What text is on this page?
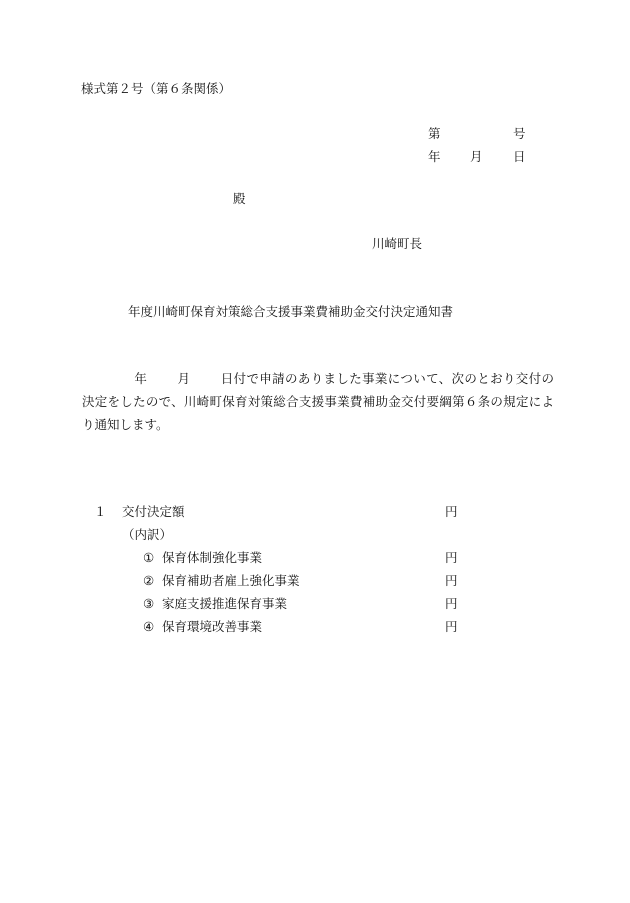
様式第２号（第６条関係）
第	号
年 月 日
殿
川崎町長
年度川崎町保育対策総合支援事業費補助金交付決定通知書
年 月 日付で申請のありました事業について、次のとおり交付の決定をしたので、川崎町保育対策総合支援事業費補助金交付要綱第６条の規定により通知します。
１ 交付決定額	円
（内訳）
① 保育体制強化事業	円
② 保育補助者雇上強化事業	円
③ 家庭支援推進保育事業	円
④ 保育環境改善事業	円
